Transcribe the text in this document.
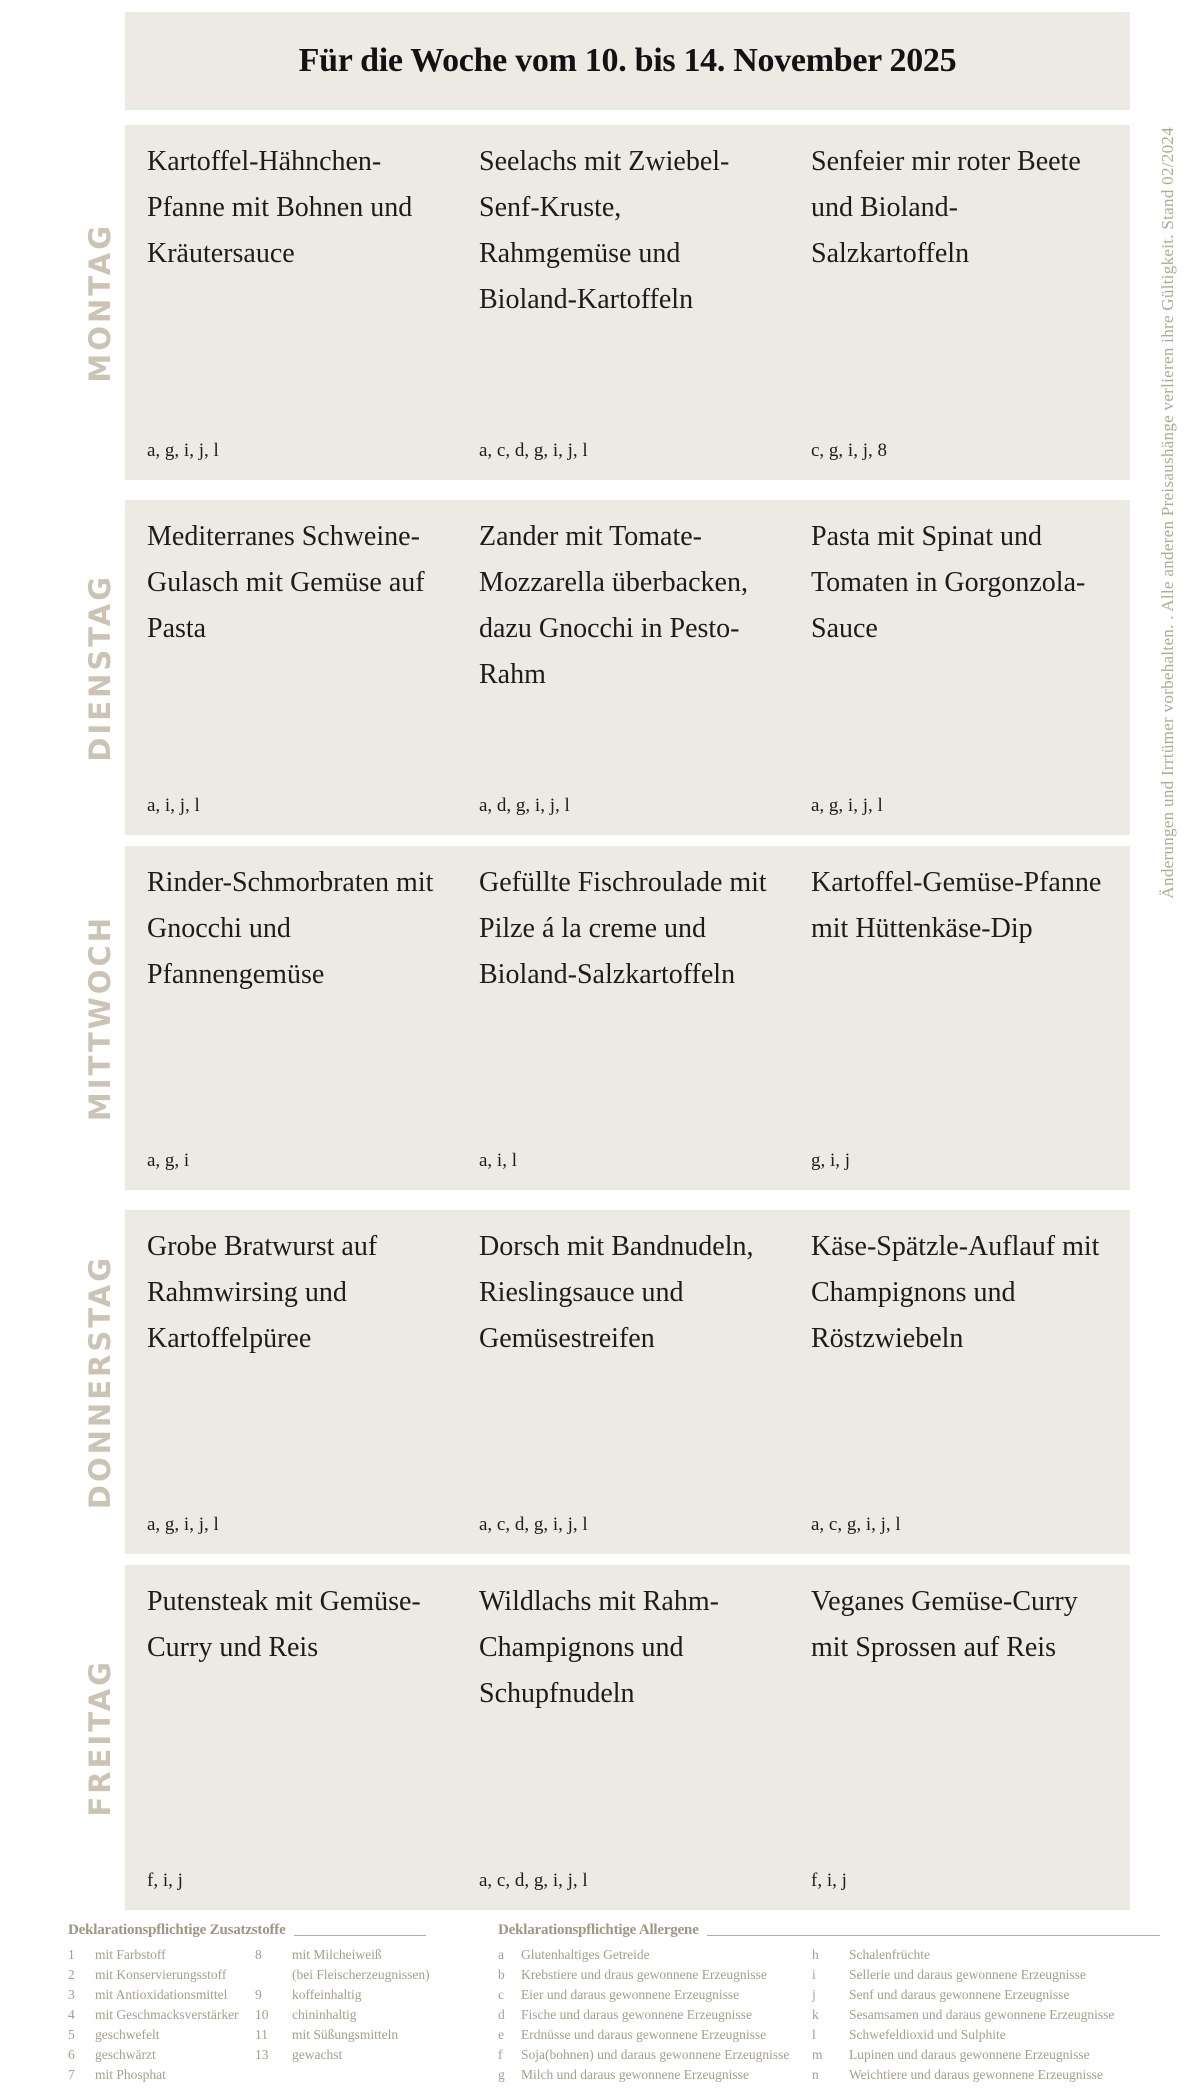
Für die Woche vom 10. bis 14. November 2025
MONTAG

Kartoffel-Hähnchen-Pfanne mit Bohnen und Kräutersauce

a, g, i, j, l

Seelachs mit Zwiebel-Senf-Kruste, Rahmgemüse und Bioland-Kartoffeln

a, c, d, g, i, j, l

Senfeier mir roter Beete und Bioland-Salzkartoffeln

c, g, i, j, 8

DIENSTAG

Mediterranes Schweine-Gulasch mit Gemüse auf Pasta

a, i, j, l

Zander mit Tomate-Mozzarella überbacken, dazu Gnocchi in Pesto-Rahm

a, d, g, i, j, l

Pasta mit Spinat und Tomaten in Gorgonzola-Sauce

a, g, i, j, l

MITTWOCH

Rinder-Schmorbraten mit Gnocchi und Pfannengemüse

a, g, i

Gefüllte Fischroulade mit Pilze á la creme und Bioland-Salzkartoffeln

a, i, l

Kartoffel-Gemüse-Pfanne mit Hüttenkäse-Dip

g, i, j

DONNERSTAG

Grobe Bratwurst auf Rahmwirsing und Kartoffelpüree

a, g, i, j, l

Dorsch mit Bandnudeln, Rieslingsauce und Gemüsestreifen

a, c, d, g, i, j, l

Käse-Spätzle-Auflauf mit Champignons und Röstzwiebeln

a, c, g, i, j, l

FREITAG

Putensteak mit Gemüse-Curry und Reis

f, i, j

Wildlachs mit Rahm-Champignons und Schupfnudeln

a, c, d, g, i, j, l

Veganes Gemüse-Curry mit Sprossen auf Reis

f, i, j

Deklarationspflichtige Zusatzstoffe
1	mit Farbstoff
2	mit Konservierungsstoff
3	mit Antioxidationsmittel
4	mit Geschmacksverstärker
5	geschwefelt
6	geschwärzt
7	mit Phosphat
8	mit Milcheiweiß
(bei Fleischerzeugnissen)
9	koffeinhaltig
10	chininhaltig
11	mit Süßungsmitteln
13	gewachst
Deklarationspflichtige Allergene
a	Glutenhaltiges Getreide
b	Krebstiere und draus gewonnene Erzeugnisse
c	Eier und daraus gewonnene Erzeugnisse
d	Fische und daraus gewonnene Erzeugnisse
e	Erdnüsse und daraus gewonnene Erzeugnisse
f	Soja(bohnen) und daraus gewonnene Erzeugnisse
g	Milch und daraus gewonnene Erzeugnisse
h	Schalenfrüchte
i	Sellerie und daraus gewonnene Erzeugnisse
j	Senf und daraus gewonnene Erzeugnisse
k	Sesamsamen und daraus gewonnene Erzeugnisse
l	Schwefeldioxid und Sulphite
m	Lupinen und daraus gewonnene Erzeugnisse
n	Weichtiere und daraus gewonnene Erzeugnisse
Änderungen und Irrtümer vorbehalten. . Alle anderen Preisaushänge verlieren ihre Gültigkeit. Stand 02/2024
